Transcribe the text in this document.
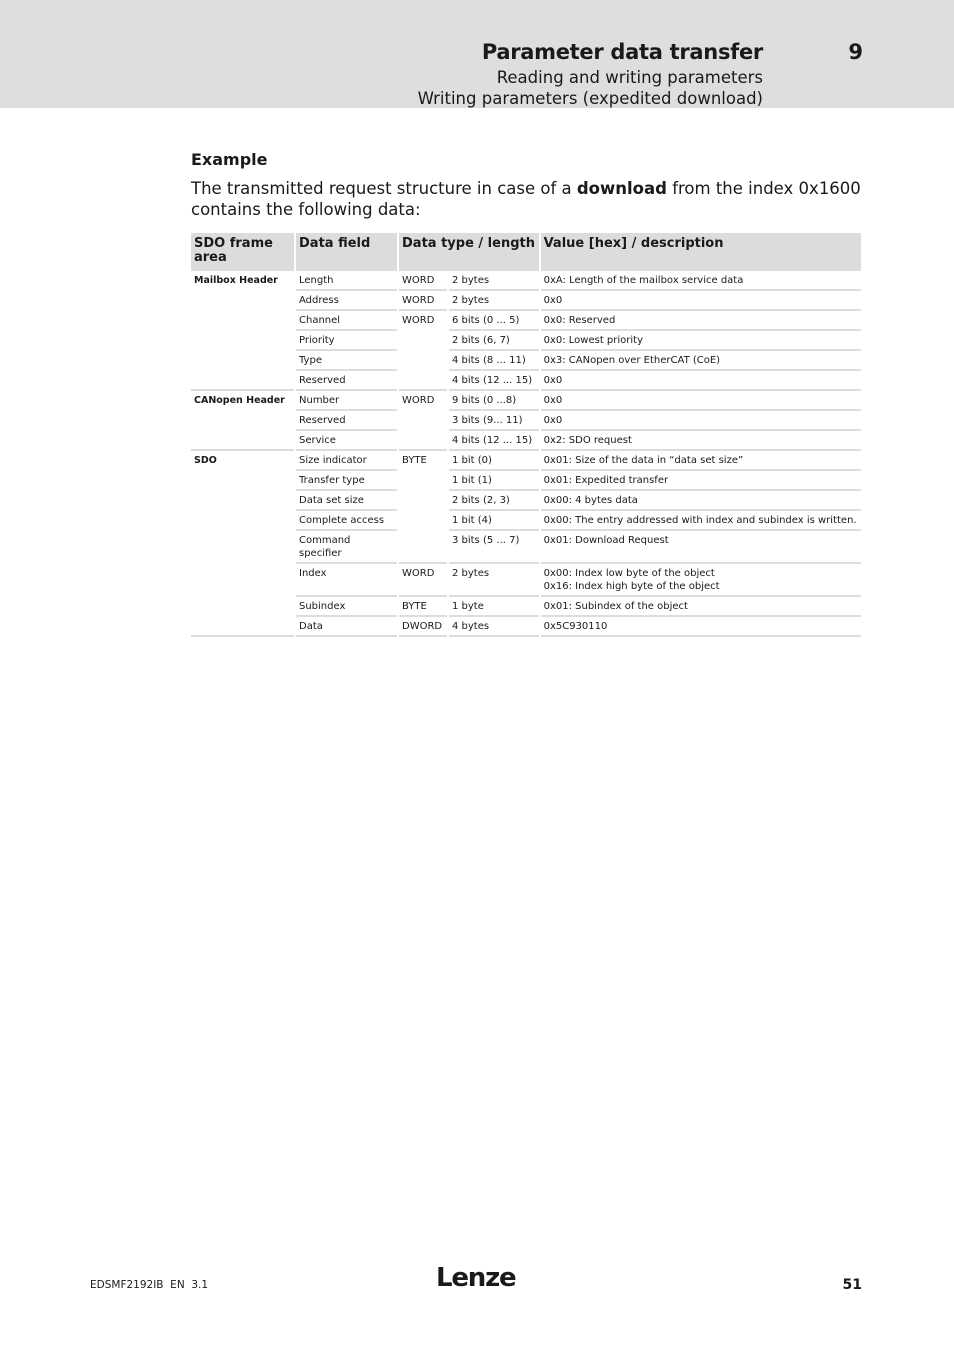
Parameter data transfer	9
Reading and writing parameters
Writing parameters (expedited download)
Example
The transmitted request structure in case of a download from the index 0x1600 contains the following data:
SDO frame area	Data field	Data type / length		Value [hex] / description
Mailbox Header	Length	WORD	2 bytes	0xA: Length of the mailbox service data

	Address	WORD	2 bytes	0x0

	Channel	WORD	6 bits (0 ... 5)	0x0: Reserved

	Priority		2 bits (6, 7)	0x0: Lowest priority

	Type		4 bits (8 ... 11)	0x3: CANopen over EtherCAT (CoE)

	Reserved		4 bits (12 ... 15)	0x0

CANopen Header	Number	WORD	9 bits (0 ...8)	0x0

	Reserved		3 bits (9... 11)	0x0

	Service		4 bits (12 ... 15)	0x2: SDO request

SDO	Size indicator	BYTE	1 bit (0)	0x01: Size of the data in “data set size”

	Transfer type		1 bit (1)	0x01: Expedited transfer

	Data set size		2 bits (2, 3)	0x00: 4 bytes data

	Complete access		1 bit (4)	0x00: The entry addressed with index and subindex is written.

	Command specifier		3 bits (5 ... 7)	0x01: Download Request

	Index	WORD	2 bytes	0x00: Index low byte of the object
0x16: Index high byte of the object

	Subindex	BYTE	1 byte	0x01: Subindex of the object

	Data	DWORD	4 bytes	0x5C930110
EDSMF2192IB  EN  3.1	Lenze	51
